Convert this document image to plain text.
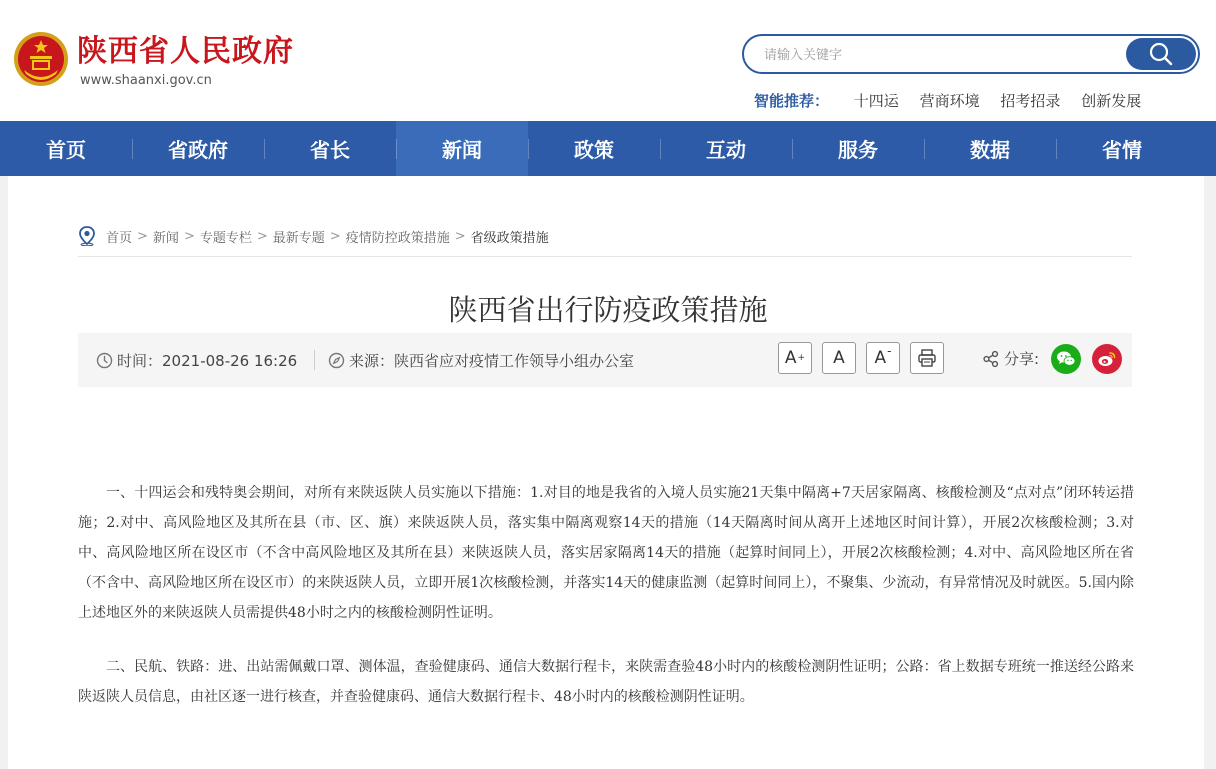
陕西省人民政府
www.shaanxi.gov.cn
请输入关键字
智能推荐： 十四运 营商环境 招考招录 创新发展
首页	省政府	省长	新闻	政策	互动	服务	数据	省情
首页 > 新闻 > 专题专栏 > 最新专题 > 疫情防控政策措施 > 省级政策措施
陕西省出行防疫政策措施
时间： 2021-08-26 16:26	来源： 陕西省应对疫情工作领导小组办公室	A + A $A_-$	分享:

一、十四运会和残特奥会期间，对所有来陕返陕人员实施以下措施：1.对目的地是我省的入境人员实施21天集中隔离+7天居家隔离、核酸检测及“点对点”闭环转运措施；2.对中、高风险地区及其所在县（市、区、旗）来陕返陕人员，落实集中隔离观察14天的措施（14天隔离时间从离开上述地区时间计算），开展2次核酸检测；3.对中、高风险地区所在设区市（不含中高风险地区及其所在县）来陕返陕人员，落实居家隔离14天的措施（起算时间同上），开展2次核酸检测；4.对中、高风险地区所在省（不含中、高风险地区所在设区市）的来陕返陕人员，立即开展1次核酸检测，并落实14天的健康监测（起算时间同上），不聚集、少流动，有异常情况及时就医。5.国内除上述地区外的来陕返陕人员需提供48小时之内的核酸检测阴性证明。

二、民航、铁路：进、出站需佩戴口罩、测体温，查验健康码、通信大数据行程卡，来陕需查验48小时内的核酸检测阴性证明；公路：省上数据专班统一推送经公路来陕返陕人员信息，由社区逐一进行核查，并查验健康码、通信大数据行程卡、48小时内的核酸检测阴性证明。
